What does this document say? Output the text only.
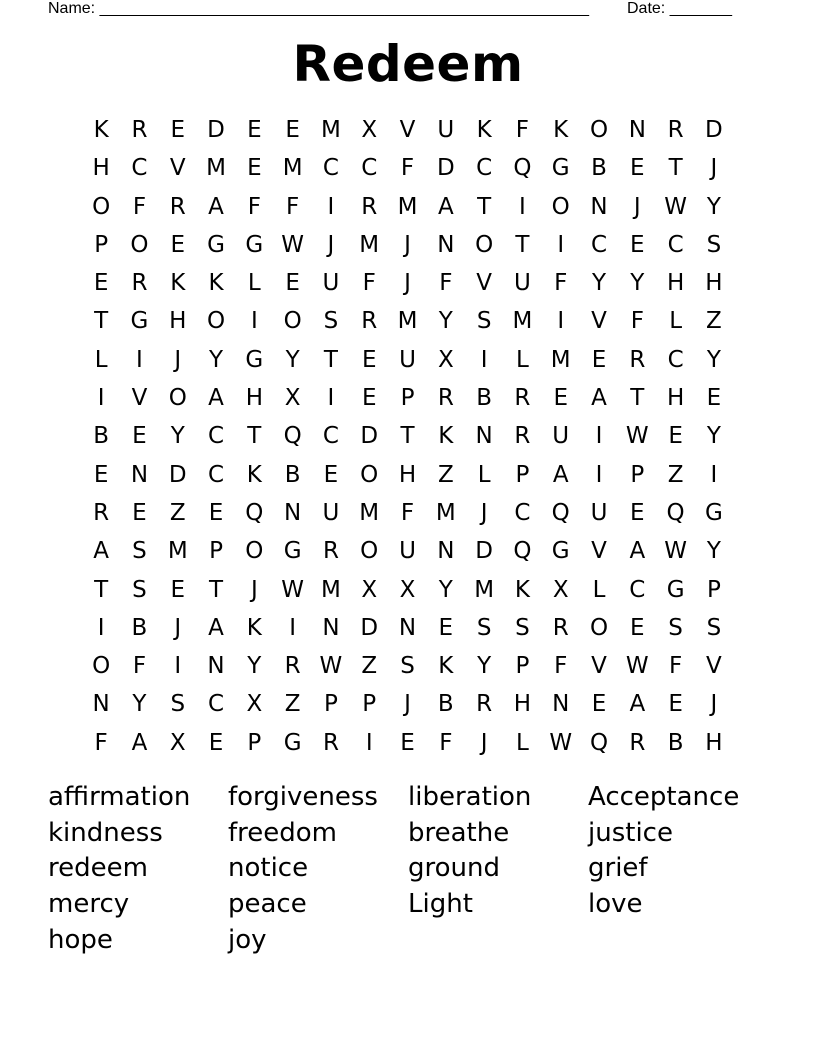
Name: _______________________________________________________ Date: _______
Redeem
K R	E D E	E M X V U K	F	K O N R D
H C V M E M C C	F D C Q G B	E	T	J
O F	R A	F	F	I	R M A	T	I	O N	J	W Y
P O E G G W	J	M	J	N O T	I	C	E C S
E	R K	K	L	E U	F	J	F	V U	F	Y	Y H H
T G H O	I	O S	R M Y	S M	I	V	F	L	Z
L	I	J	Y G Y	T	E U X	I	L M E	R C	Y
I	V O A H X	I	E	P	R B R	E	A	T H E
B	E	Y	C	T Q C D T	K N R U	I	W E	Y
E N D C K B	E O H Z	L	P	A	I	P	Z	I
R	E	Z	E Q N U M F M	J	C Q U E Q G
A	S M P O G R O U N D Q G V A W Y
T	S	E	T	J	W M X X	Y M K X	L	C G P
I	B	J	A K	I	N D N E	S	S	R O E	S	S
O F	I	N Y	R W Z	S	K	Y	P	F	V W F	V
N Y	S C X Z	P	P	J	B R H N E	A	E	J
F	A X	E	P G R	I	E	F	J	L W Q R B H
affirmation	forgiveness	liberation	Acceptance
kindness	freedom	breathe	justice
redeem	notice	ground	grief
mercy	peace	Light	love
hope	joy
